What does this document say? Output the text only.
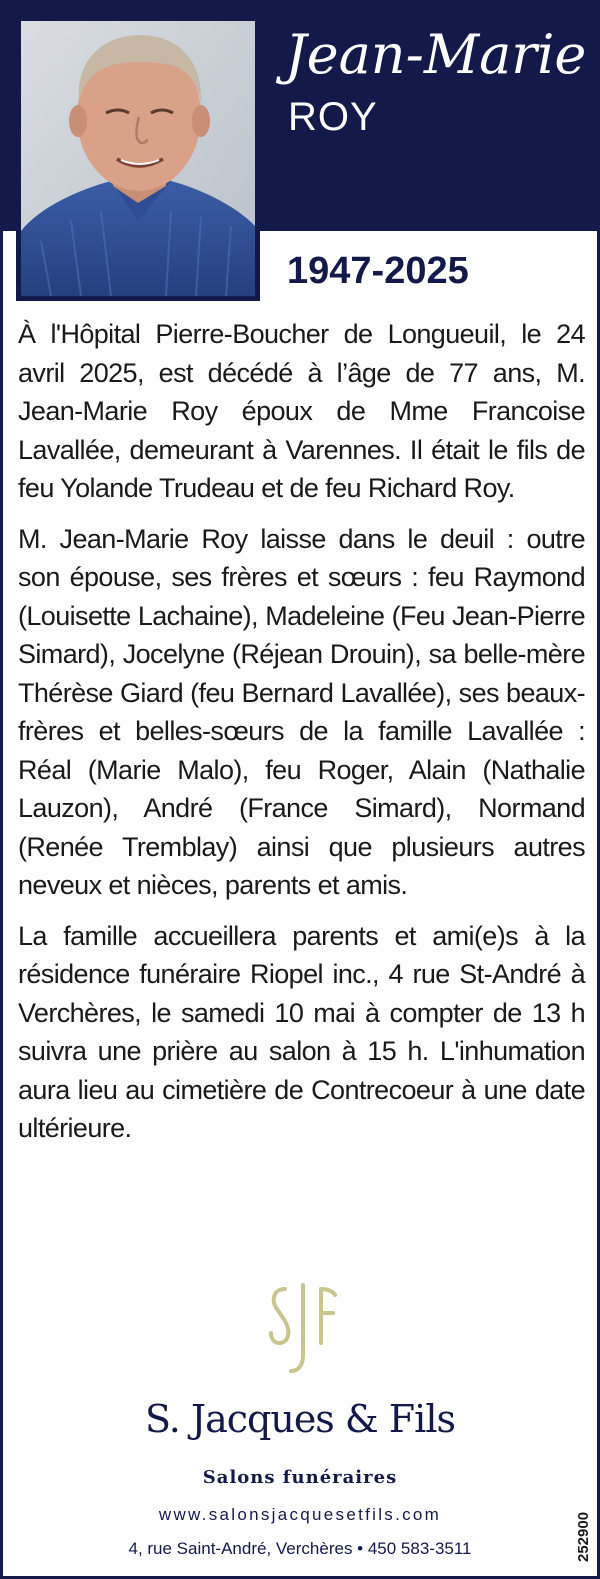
Jean-Marie
ROY
1947-2025

À l'Hôpital Pierre-Boucher de Longueuil, le 24 avril 2025, est décédé à l’âge de 77 ans, M. Jean-Marie Roy époux de Mme Francoise Lavallée, demeurant à Varennes. Il était le fils de feu Yolande Trudeau et de feu Richard Roy.

M. Jean-Marie Roy laisse dans le deuil : outre son épouse, ses frères et sœurs : feu Raymond (Louisette Lachaine), Madeleine (Feu Jean-Pierre Simard), Jocelyne (Réjean Drouin), sa belle-mère Thérèse Giard (feu Bernard Lavallée), ses beaux-frères et belles-sœurs de la famille Lavallée : Réal (Marie Malo), feu Roger, Alain (Nathalie Lauzon), André (France Simard), Normand (Renée Tremblay) ainsi que plusieurs autres neveux et nièces, parents et amis.

La famille accueillera parents et ami(e)s à la résidence funéraire Riopel inc., 4 rue St-André à Verchères, le samedi 10 mai à compter de 13 h suivra une prière au salon à 15 h. L'inhumation aura lieu au cimetière de Contrecoeur à une date ultérieure.

S. Jacques & Fils
Salons funéraires
www.salonsjacquesetfils.com
4, rue Saint-André, Verchères • 450 583-3511	252900
